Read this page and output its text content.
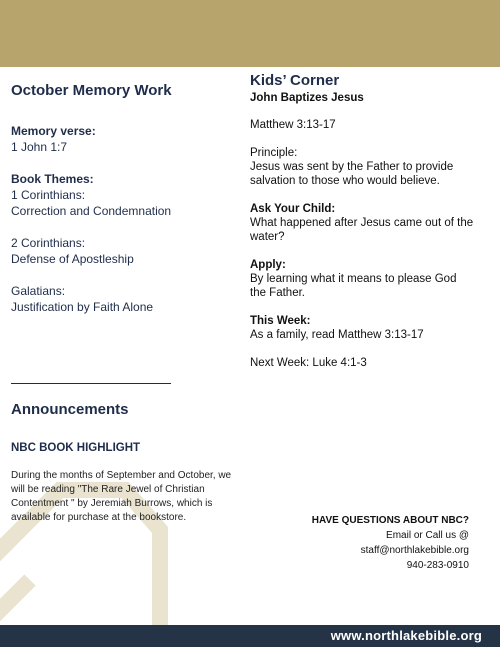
October Memory Work
Memory verse:
1 John 1:7
Book Themes:
1 Corinthians:
Correction and Condemnation
2 Corinthians:
Defense of Apostleship
Galatians:
Justification by Faith Alone
Announcements
NBC BOOK HIGHLIGHT
During the months of September and October, we will be reading "The Rare Jewel of Christian Contentment " by Jeremiah Burrows, which is available for purchase at the bookstore.
Kids’ Corner
John Baptizes Jesus
Matthew 3:13-17
Principle:
Jesus was sent by the Father to provide salvation to those who would believe.
Ask Your Child:
What happened after Jesus came out of the water?
Apply:
By learning what it means to please God the Father.
This Week:
As a family, read Matthew 3:13-17
Next Week: Luke 4:1-3
HAVE QUESTIONS ABOUT NBC?
Email or Call us @
staff@northlakebible.org
940-283-0910
www.northlakebible.org
